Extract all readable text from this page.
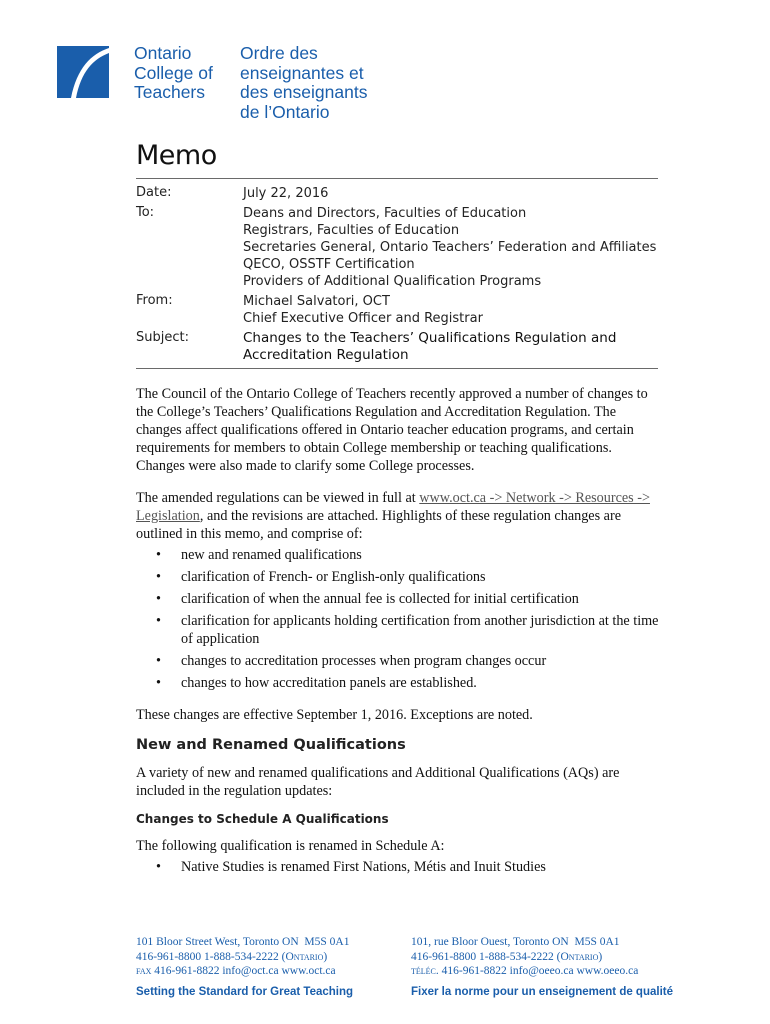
Ontario
College of
Teachers
Ordre des
enseignantes et
des enseignants
de l’Ontario
Memo
Date:	July 22, 2016
To:	Deans and Directors, Faculties of Education
Registrars, Faculties of Education
Secretaries General, Ontario Teachers’ Federation and Affiliates
QECO, OSSTF Certification
Providers of Additional Qualification Programs
From:	Michael Salvatori, OCT
Chief Executive Officer and Registrar
Subject:	Changes to the Teachers’ Qualifications Regulation and
Accreditation Regulation
The Council of the Ontario College of Teachers recently approved a number of changes to the College’s Teachers’ Qualifications Regulation and Accreditation Regulation. The changes affect qualifications offered in Ontario teacher education programs, and certain requirements for members to obtain College membership or teaching qualifications. Changes were also made to clarify some College processes.
The amended regulations can be viewed in full at www.oct.ca -> Network -> Resources -> Legislation, and the revisions are attached. Highlights of these regulation changes are outlined in this memo, and comprise of:
• new and renamed qualifications
• clarification of French- or English-only qualifications
• clarification of when the annual fee is collected for initial certification
• clarification for applicants holding certification from another jurisdiction at the time of application
• changes to accreditation processes when program changes occur
• changes to how accreditation panels are established.
These changes are effective September 1, 2016. Exceptions are noted.
New and Renamed Qualifications
A variety of new and renamed qualifications and Additional Qualifications (AQs) are included in the regulation updates:
Changes to Schedule A Qualifications
The following qualification is renamed in Schedule A:
• Native Studies is renamed First Nations, Métis and Inuit Studies
101 Bloor Street West, Toronto ON M5S 0A1
416-961-8800 1-888-534-2222 (Ontario)
fax 416-961-8822 info@oct.ca www.oct.ca
101, rue Bloor Ouest, Toronto ON M5S 0A1
416-961-8800 1-888-534-2222 (Ontario)
téléc. 416-961-8822 info@oeeo.ca www.oeeo.ca
Setting the Standard for Great Teaching	Fixer la norme pour un enseignement de qualité
